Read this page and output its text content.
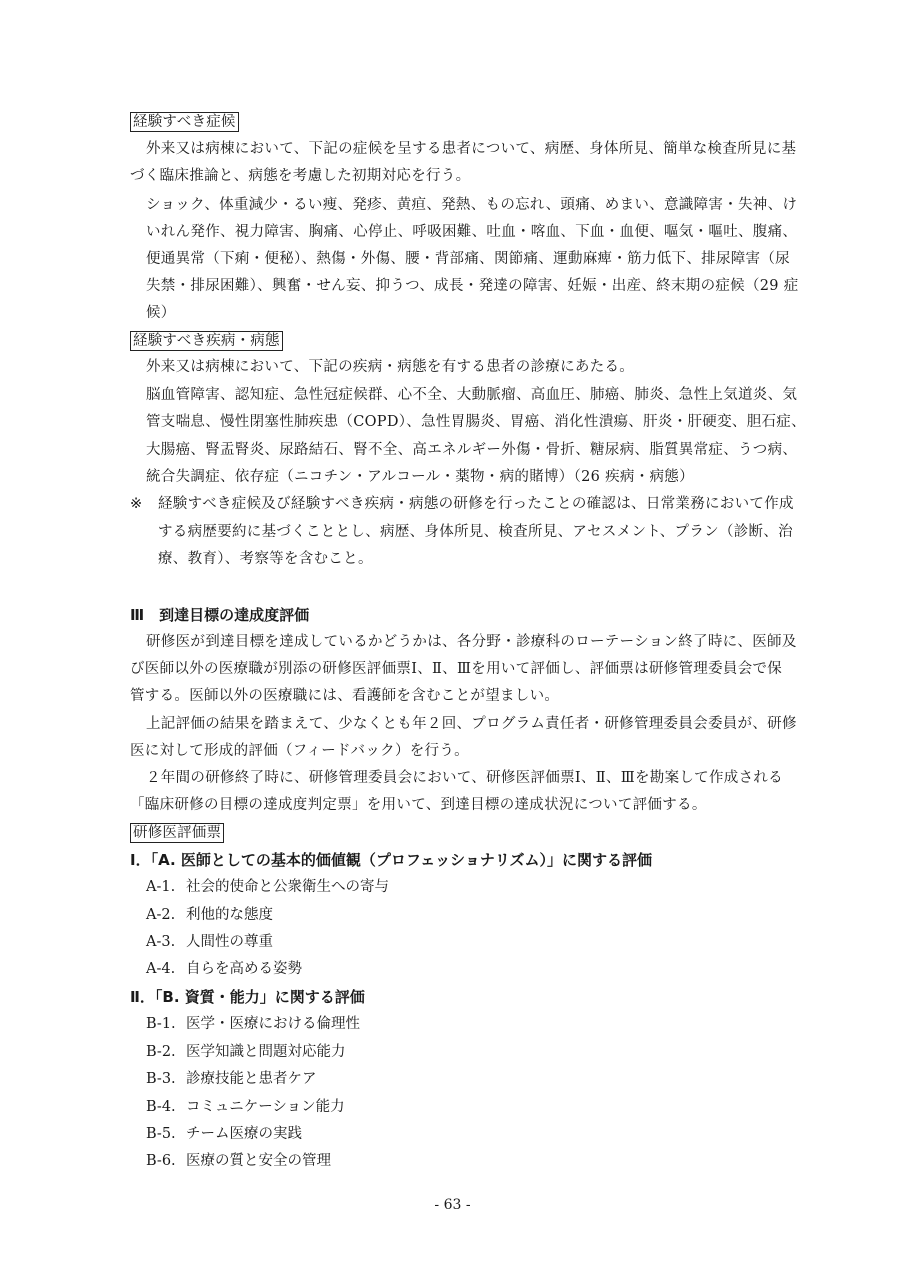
経験すべき症候
外来又は病棟において、下記の症候を呈する患者について、病歴、身体所見、簡単な検査所見に基
づく臨床推論と、病態を考慮した初期対応を行う。
ショック、体重減少・るい痩、発疹、黄疸、発熱、もの忘れ、頭痛、めまい、意識障害・失神、け
いれん発作、視力障害、胸痛、心停止、呼吸困難、吐血・喀血、下血・血便、嘔気・嘔吐、腹痛、
便通異常（下痢・便秘）、熱傷・外傷、腰・背部痛、関節痛、運動麻痺・筋力低下、排尿障害（尿
失禁・排尿困難）、興奮・せん妄、抑うつ、成長・発達の障害、妊娠・出産、終末期の症候（29 症
候）
経験すべき疾病・病態
外来又は病棟において、下記の疾病・病態を有する患者の診療にあたる。
脳血管障害、認知症、急性冠症候群、心不全、大動脈瘤、高血圧、肺癌、肺炎、急性上気道炎、気
管支喘息、慢性閉塞性肺疾患（COPD）、急性胃腸炎、胃癌、消化性潰瘍、肝炎・肝硬変、胆石症、
大腸癌、腎盂腎炎、尿路結石、腎不全、高エネルギー外傷・骨折、糖尿病、脂質異常症、うつ病、
統合失調症、依存症（ニコチン・アルコール・薬物・病的賭博）（26 疾病・病態）
※ 経験すべき症候及び経験すべき疾病・病態の研修を行ったことの確認は、日常業務において作成
する病歴要約に基づくこととし、病歴、身体所見、検査所見、アセスメント、プラン（診断、治
療、教育）、考察等を含むこと。
Ⅲ　到達目標の達成度評価
研修医が到達目標を達成しているかどうかは、各分野・診療科のローテーション終了時に、医師及
び医師以外の医療職が別添の研修医評価票Ⅰ、Ⅱ、Ⅲを用いて評価し、評価票は研修管理委員会で保
管する。医師以外の医療職には、看護師を含むことが望ましい。
上記評価の結果を踏まえて、少なくとも年２回、プログラム責任者・研修管理委員会委員が、研修
医に対して形成的評価（フィードバック）を行う。
２年間の研修終了時に、研修管理委員会において、研修医評価票Ⅰ、Ⅱ、Ⅲを勘案して作成される
「臨床研修の目標の達成度判定票」を用いて、到達目標の達成状況について評価する。
研修医評価票
Ⅰ．「A. 医師としての基本的価値観（プロフェッショナリズム）」に関する評価
A-1. 社会的使命と公衆衛生への寄与
A-2. 利他的な態度
A-3. 人間性の尊重
A-4. 自らを高める姿勢
Ⅱ．「B. 資質・能力」に関する評価
B-1. 医学・医療における倫理性
B-2. 医学知識と問題対応能力
B-3. 診療技能と患者ケア
B-4. コミュニケーション能力
B-5. チーム医療の実践
B-6. 医療の質と安全の管理
- 63 -
